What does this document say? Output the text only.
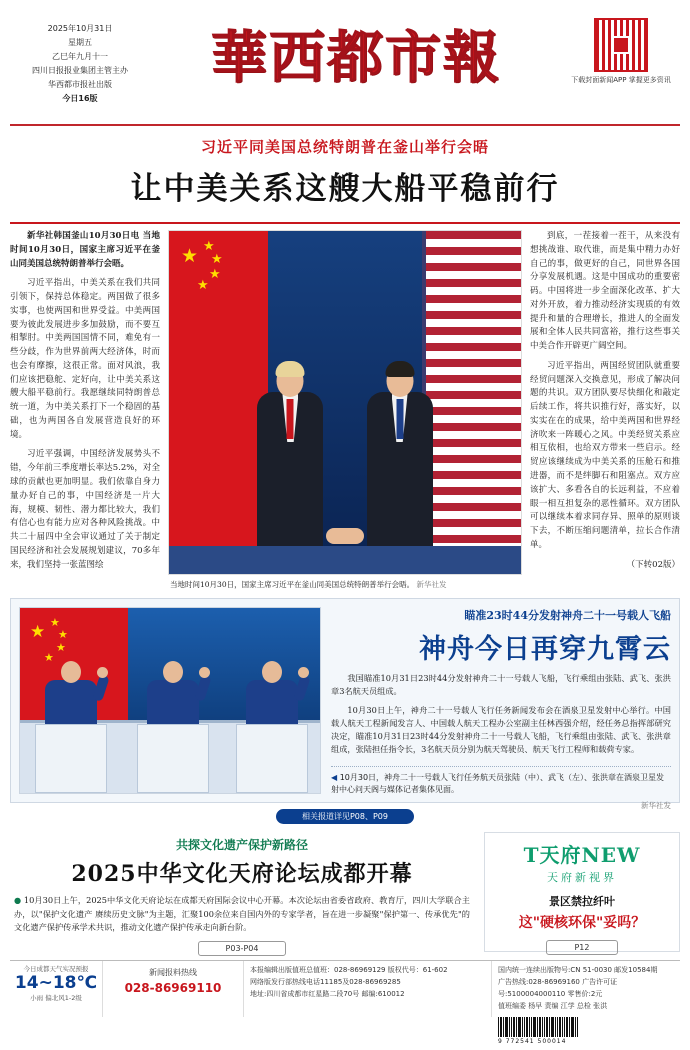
2025年10月31日
星期五
乙巳年九月十一
四川日报报业集团主管主办
华西都市报社出版
今日16版
華西都市報	下载封面新闻APP 掌握更多资讯
习近平同美国总统特朗普在釜山举行会晤
让中美关系这艘大船平稳前行

新华社韩国釜山10月30日电 当地时间10月30日，国家主席习近平在釜山同美国总统特朗普举行会晤。

习近平指出，中美关系在我们共同引领下，保持总体稳定。两国做了很多实事，也使两国和世界受益。中美两国要为彼此发展进步多加鼓励，而不要互相掣肘。中美两国国情不同，难免有一些分歧，作为世界前两大经济体，时而也会有摩擦，这很正常。面对风浪，我们应该把稳舵、定好向，让中美关系这艘大船平稳前行。我愿继续同特朗普总统一道，为中美关系打下一个稳固的基础，也为两国各自发展营造良好的环境。

习近平强调，中国经济发展势头不错，今年前三季度增长率达5.2%，对全球的贡献也更加明显。我们依靠自身力量办好自己的事，中国经济是一片大海，规模、韧性、潜力都比较大，我们有信心也有能力应对各种风险挑战。中共二十届四中全会审议通过了关于制定国民经济和社会发展规划建议，70多年来，我们坚持一张蓝图绘

★ ★
★
★
★
当地时间10月30日，国家主席习近平在釜山同美国总统特朗普举行会晤。 新华社发

到底，一茬接着一茬干，从来没有想挑战谁、取代谁，而是集中精力办好自己的事，做更好的自己，同世界各国分享发展机遇。这是中国成功的重要密码。中国将进一步全面深化改革、扩大对外开放，着力推动经济实现质的有效提升和量的合理增长，推进人的全面发展和全体人民共同富裕，推行这些事关中美合作开辟更广阔空间。

习近平指出，两国经贸团队就重要经贸问题深入交换意见，形成了解决问题的共识。双方团队要尽快细化和敲定后续工作，将共识推行好，落实好，以实实在在的成果，给中美两国和世界经济吹来一阵暖心之风。中美经贸关系应相互依相，也给双方带来一些启示。经贸应该继续成为中美关系的压舱石和推进器，而不是绊脚石和阻塞点。双方应该扩大、多看各自的长远利益，不应着眼一相互担复杂的恶性循环。双方团队可以继续本着求同存异、照单的原则谈下去，不断压缩问题清单，拉长合作清单。

（下转02版）

★ ★
★
★
★
瞄准23时44分发射神舟二十一号载人飞船
神舟今日再穿九霄云

我国瞄准10月31日23时44分发射神舟二十一号载人飞船，飞行乘组由张陆、武飞、张洪章3名航天员组成。

10月30日上午，神舟二十一号载人飞行任务新闻发布会在酒泉卫星发射中心举行。中国载人航天工程新闻发言人、中国载人航天工程办公室副主任林西强介绍，经任务总指挥部研究决定，瞄准10月31日23时44分发射神舟二十一号载人飞船，飞行乘组由张陆、武飞、张洪章组成，张陆担任指令长，3名航天员分别为航天驾驶员、航天飞行工程师和载荷专家。

◀ 10月30日，神舟二十一号载人飞行任务航天员张陆（中）、武飞（左）、张洪章在酒泉卫星发射中心问天阁与媒体记者集体见面。
新华社发
相关报道详见P08、P09
共探文化遗产保护新路径
2025中华文化天府论坛成都开幕
● 10月30日上午，2025中华文化天府论坛在成都天府国际会议中心开幕。本次论坛由省委省政府、教育厅，四川大学联合主办，以"保护文化遗产 赓续历史文脉"为主题，汇聚100余位来自国内外的专家学者，旨在进一步凝聚"保护第一、传承优先"的文化遗产保护传承学术共识，推动文化遗产保护传承走向新台阶。
P03-P04
T天府NEW
天府新视界
景区禁拉纤叶
这"硬核环保"妥吗？
P12
今日成都天气实况预报
14~18℃
小雨 偏北风1-2级
新闻报料热线
028-86969110
本报编辑出版值班总值班：028-86969129 版权代号：61-602
网络版发行部热线电话11185及028-86969285
地址:四川省成都市红星路二段70号 邮编:610012
国内统一连续出版物号:CN 51-0030 邮发10584期
广告热线:028-86969160 广告许可证号:5100004000110 零售价:2元
值班编委 杨早 责编 江学 总检 张洪
9 772541 500014
